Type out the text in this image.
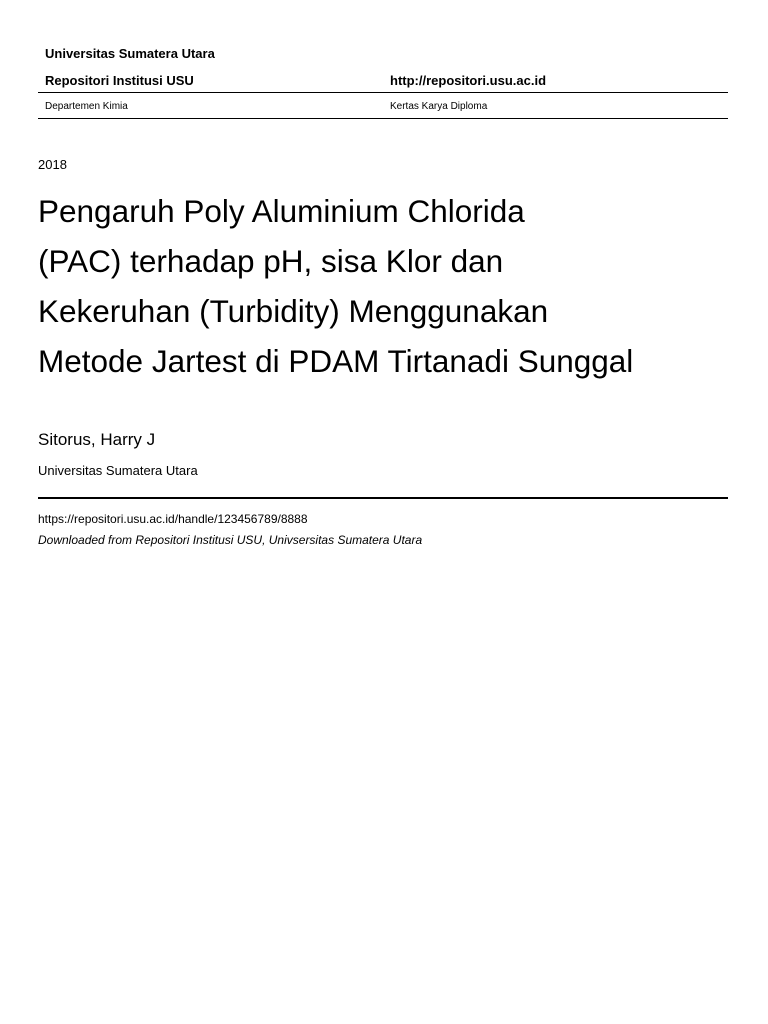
Universitas Sumatera Utara
Repositori Institusi USU	http://repositori.usu.ac.id
Departemen Kimia	Kertas Karya Diploma
2018
Pengaruh Poly Aluminium Chlorida
(PAC) terhadap pH, sisa Klor dan
Kekeruhan (Turbidity) Menggunakan
Metode Jartest di PDAM Tirtanadi Sunggal
Sitorus, Harry J
Universitas Sumatera Utara
https://repositori.usu.ac.id/handle/123456789/8888
Downloaded from Repositori Institusi USU, Univsersitas Sumatera Utara
